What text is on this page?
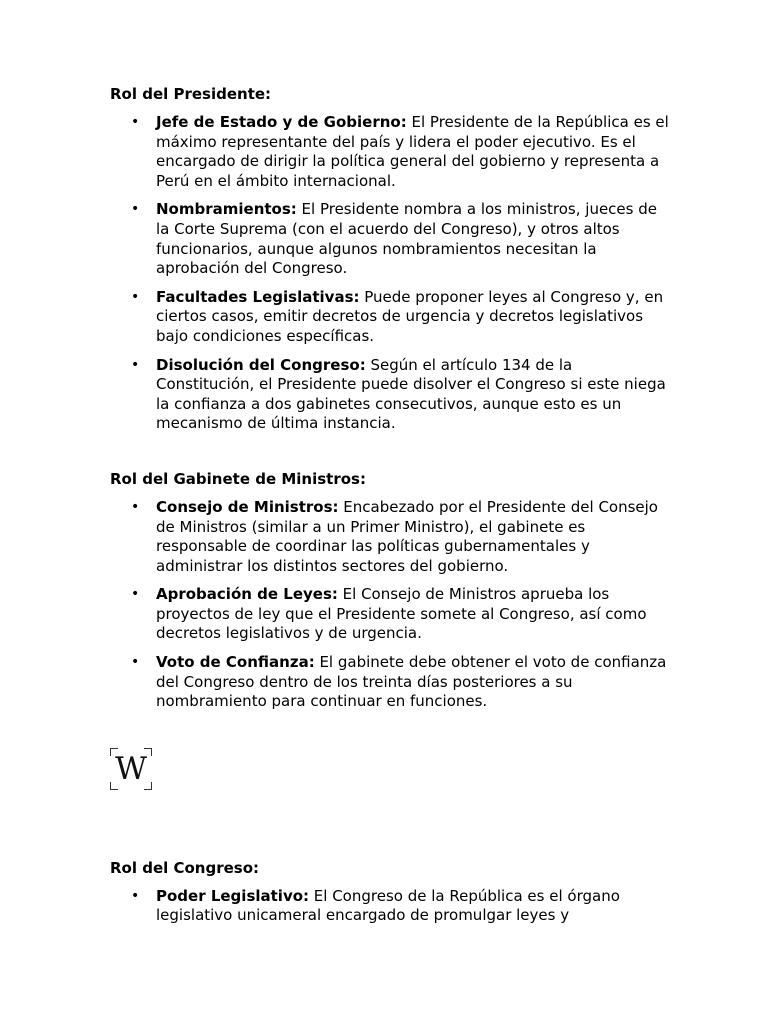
Rol del Presidente:
• Jefe de Estado y de Gobierno: El Presidente de la República es el máximo representante del país y lidera el poder ejecutivo. Es el encargado de dirigir la política general del gobierno y representa a Perú en el ámbito internacional.
• Nombramientos: El Presidente nombra a los ministros, jueces de la Corte Suprema (con el acuerdo del Congreso), y otros altos funcionarios, aunque algunos nombramientos necesitan la aprobación del Congreso.
• Facultades Legislativas: Puede proponer leyes al Congreso y, en ciertos casos, emitir decretos de urgencia y decretos legislativos bajo condiciones específicas.
• Disolución del Congreso: Según el artículo 134 de la Constitución, el Presidente puede disolver el Congreso si este niega la confianza a dos gabinetes consecutivos, aunque esto es un mecanismo de última instancia.
Rol del Gabinete de Ministros:
• Consejo de Ministros: Encabezado por el Presidente del Consejo de Ministros (similar a un Primer Ministro), el gabinete es responsable de coordinar las políticas gubernamentales y administrar los distintos sectores del gobierno.
• Aprobación de Leyes: El Consejo de Ministros aprueba los proyectos de ley que el Presidente somete al Congreso, así como decretos legislativos y de urgencia.
• Voto de Confianza: El gabinete debe obtener el voto de confianza del Congreso dentro de los treinta días posteriores a su nombramiento para continuar en funciones.
W
Rol del Congreso:
• Poder Legislativo: El Congreso de la República es el órgano legislativo unicameral encargado de promulgar leyes y
